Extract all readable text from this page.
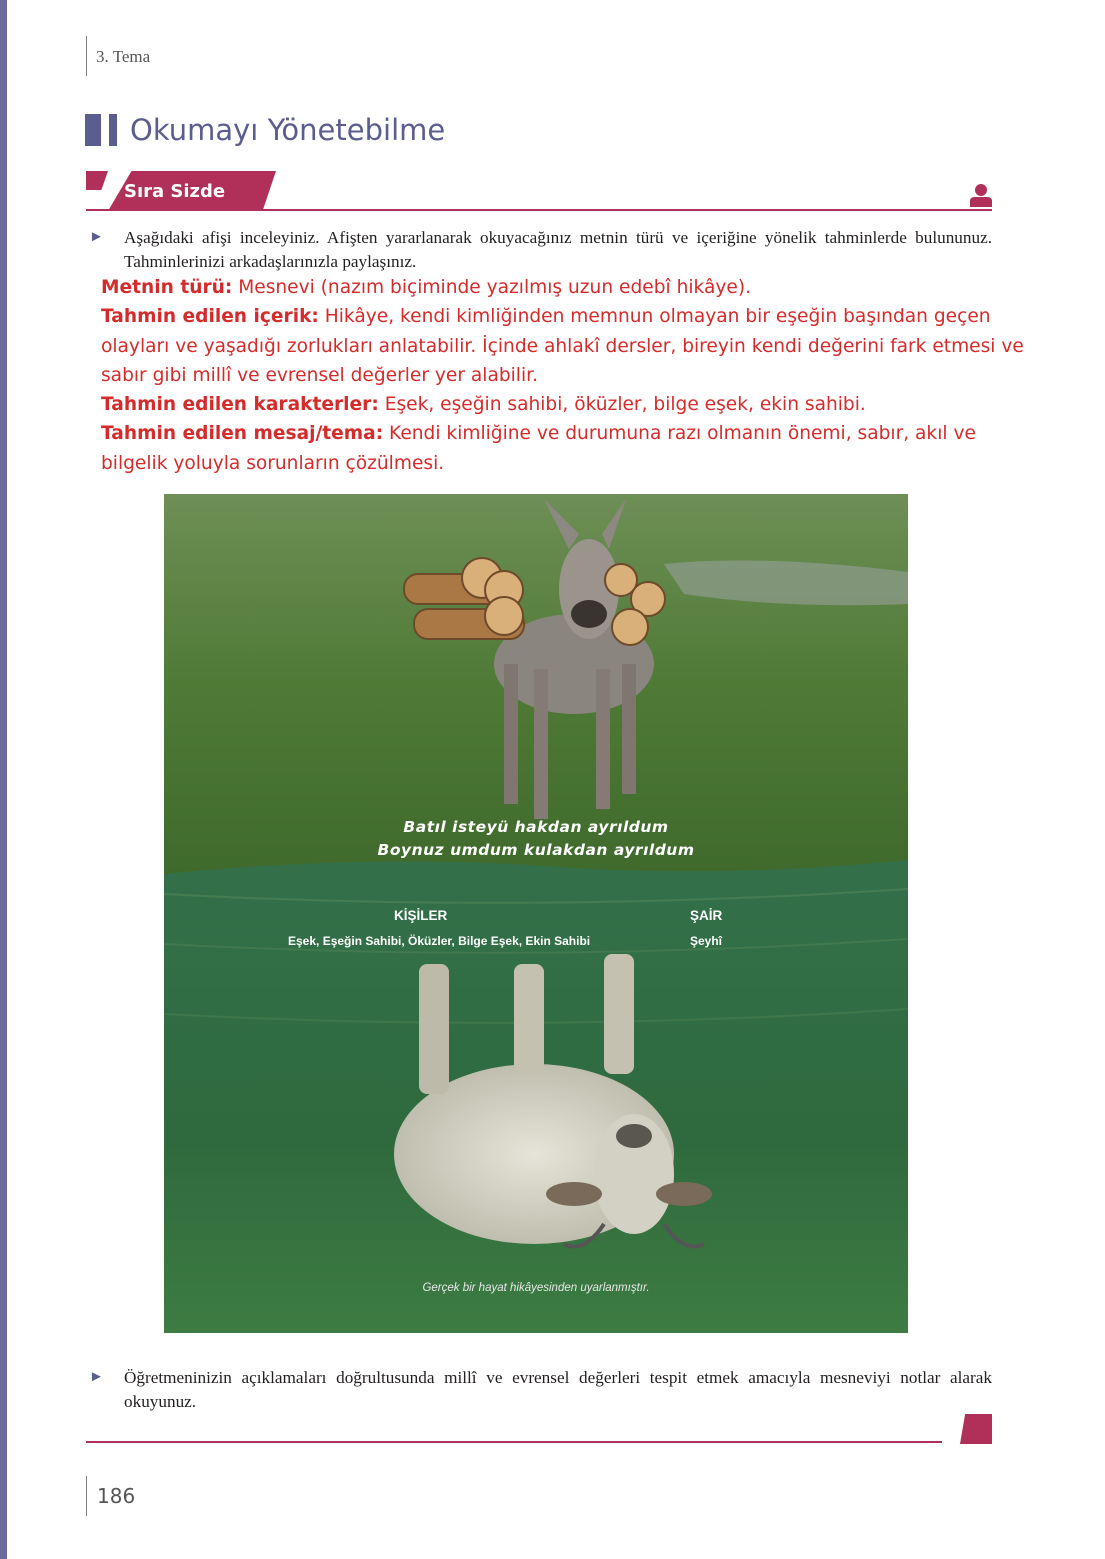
3. Tema
Okumayı Yönetebilme
Sıra Sizde
► Aşağıdaki afişi inceleyiniz. Afişten yararlanarak okuyacağınız metnin türü ve içeriğine yönelik tahminlerde bulununuz. Tahminlerinizi arkadaşlarınızla paylaşınız.

Metnin türü: Mesnevi (nazım biçiminde yazılmış uzun edebî hikâye).

Tahmin edilen içerik: Hikâye, kendi kimliğinden memnun olmayan bir eşeğin başından geçen olayları ve yaşadığı zorlukları anlatabilir. İçinde ahlakî dersler, bireyin kendi değerini fark etmesi ve sabır gibi millî ve evrensel değerler yer alabilir.

Tahmin edilen karakterler: Eşek, eşeğin sahibi, öküzler, bilge eşek, ekin sahibi.

Tahmin edilen mesaj/tema: Kendi kimliğine ve durumuna razı olmanın önemi, sabır, akıl ve bilgelik yoluyla sorunların çözülmesi.

Batıl isteyü hakdan ayrıldum
Boynuz umdum kulakdan ayrıldum
KİŞİLER
Eşek, Eşeğin Sahibi, Öküzler, Bilge Eşek, Ekin Sahibi
ŞAİR
Şeyhî
Gerçek bir hayat hikâyesinden uyarlanmıştır.
► Öğretmeninizin açıklamaları doğrultusunda millî ve evrensel değerleri tespit etmek amacıyla mesneviyi notlar alarak okuyunuz.
186
